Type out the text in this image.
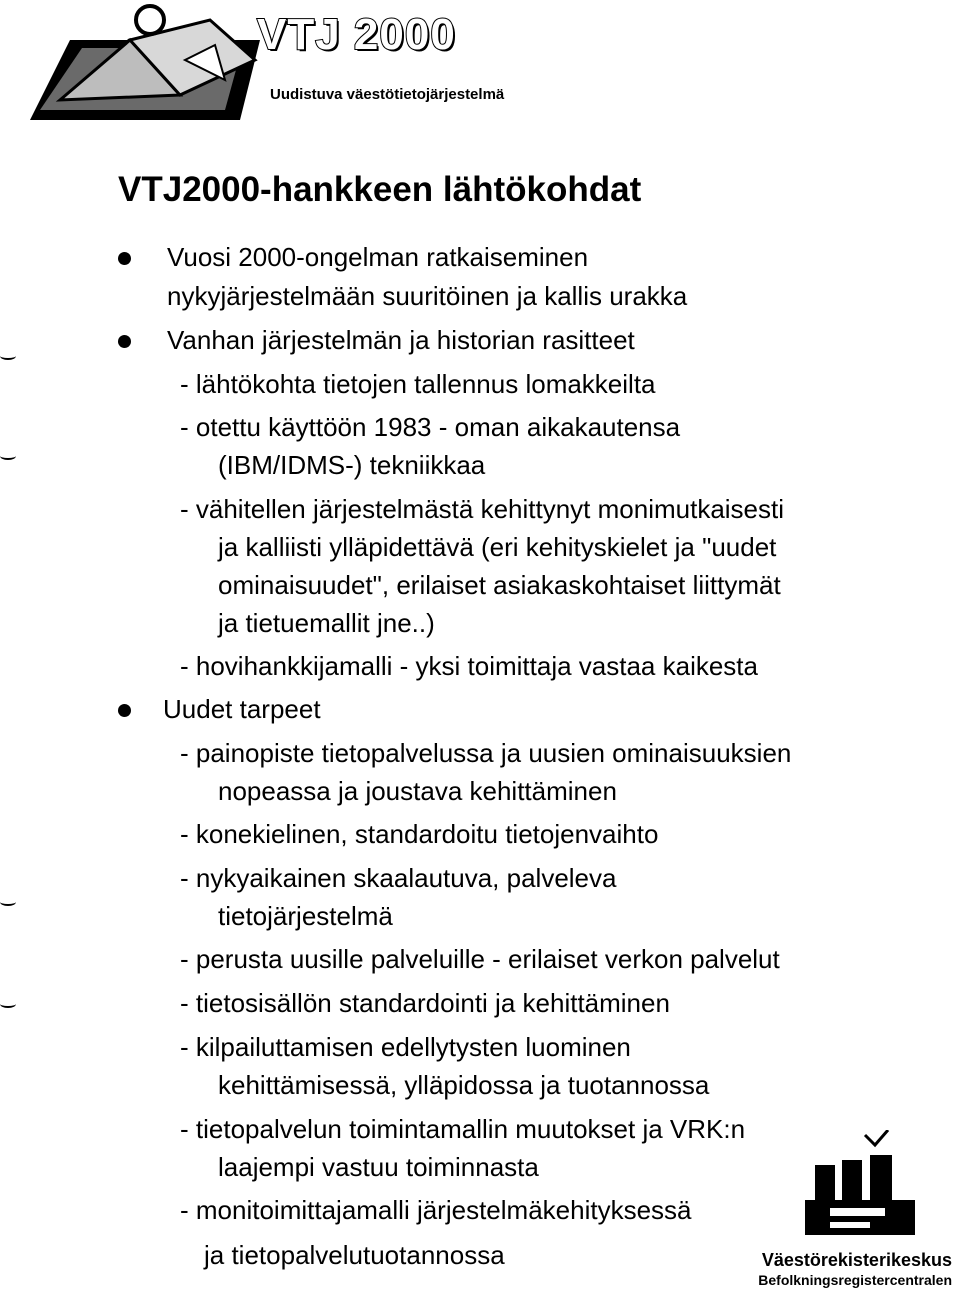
VTJ 2000
Uudistuva väestötietojärjestelmä
VTJ2000-hankkeen lähtökohdat
Vuosi 2000-ongelman ratkaiseminen
nykyjärjestelmään suuritöinen ja kallis urakka
Vanhan järjestelmän ja historian rasitteet
- lähtökohta tietojen tallennus lomakkeilta
- otettu käyttöön 1983 - oman aikakautensa
(IBM/IDMS-) tekniikkaa
- vähitellen järjestelmästä kehittynyt monimutkaisesti
ja kalliisti ylläpidettävä (eri kehityskielet ja "uudet
ominaisuudet", erilaiset asiakaskohtaiset liittymät
ja tietuemallit jne..)
- hovihankkijamalli - yksi toimittaja vastaa kaikesta
Uudet tarpeet
- painopiste tietopalvelussa ja uusien ominaisuuksien
nopeassa ja joustava kehittäminen
- konekielinen, standardoitu tietojenvaihto
- nykyaikainen skaalautuva, palveleva
tietojärjestelmä
- perusta uusille palveluille - erilaiset verkon palvelut
- tietosisällön standardointi ja kehittäminen
- kilpailuttamisen edellytysten luominen
kehittämisessä, ylläpidossa ja tuotannossa
- tietopalvelun toimintamallin muutokset ja VRK:n
laajempi vastuu toiminnasta
- monitoimittajamalli järjestelmäkehityksessä
ja tietopalvelutuotannossa	Väestörekisterikeskus
Befolkningsregistercentralen
